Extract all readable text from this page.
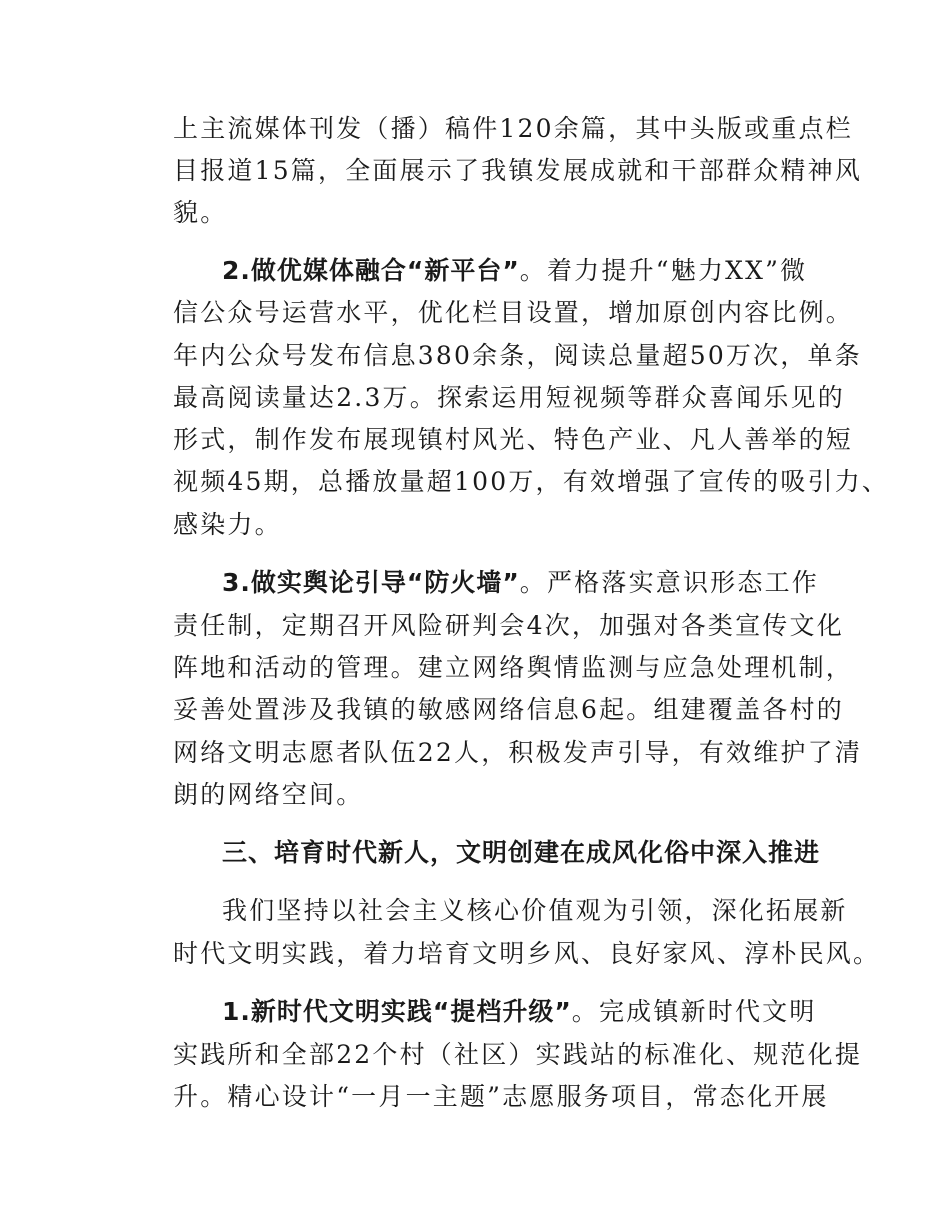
上主流媒体刊发（播）稿件120余篇，其中头版或重点栏
目报道15篇，全面展示了我镇发展成就和干部群众精神风
貌。
2.做优媒体融合“新平台”。着力提升“魅力XX”微
信公众号运营水平，优化栏目设置，增加原创内容比例。
年内公众号发布信息380余条，阅读总量超50万次，单条
最高阅读量达2.3万。探索运用短视频等群众喜闻乐见的
形式，制作发布展现镇村风光、特色产业、凡人善举的短
视频45期，总播放量超100万，有效增强了宣传的吸引力、
感染力。
3.做实舆论引导“防火墙”。严格落实意识形态工作
责任制，定期召开风险研判会4次，加强对各类宣传文化
阵地和活动的管理。建立网络舆情监测与应急处理机制，
妥善处置涉及我镇的敏感网络信息6起。组建覆盖各村的
网络文明志愿者队伍22人，积极发声引导，有效维护了清
朗的网络空间。
三、培育时代新人，文明创建在成风化俗中深入推进
我们坚持以社会主义核心价值观为引领，深化拓展新
时代文明实践，着力培育文明乡风、良好家风、淳朴民风。
1.新时代文明实践“提档升级”。完成镇新时代文明
实践所和全部22个村（社区）实践站的标准化、规范化提
升。精心设计“一月一主题”志愿服务项目，常态化开展
